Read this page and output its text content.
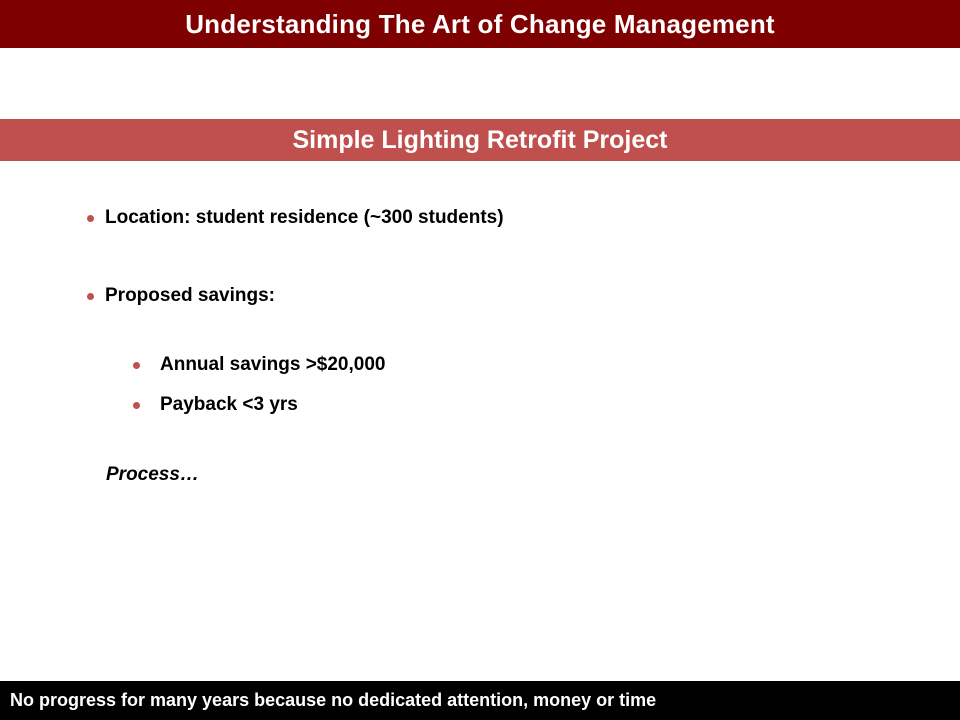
Understanding The Art of Change Management
Simple Lighting Retrofit Project
Location: student residence (~300 students)
Proposed savings:
Annual savings >$20,000
Payback <3 yrs
Process…
No progress for many years because no dedicated attention, money or time
